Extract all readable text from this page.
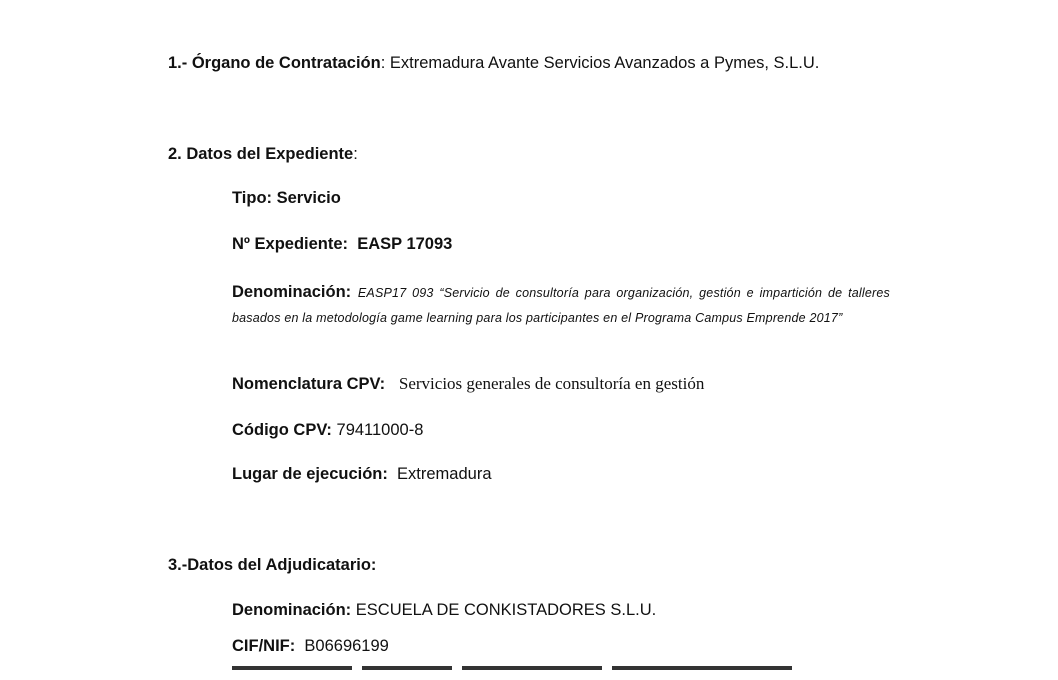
1.- Órgano de Contratación: Extremadura Avante Servicios Avanzados a Pymes, S.L.U.
2. Datos del Expediente:
Tipo: Servicio
Nº Expediente: EASP 17093
Denominación: EASP17 093 “Servicio de consultoría para organización, gestión e impartición de talleres basados en la metodología game learning para los participantes en el Programa Campus Emprende 2017”
Nomenclatura CPV: Servicios generales de consultoría en gestión
Código CPV: 79411000-8
Lugar de ejecución: Extremadura
3.-Datos del Adjudicatario:
Denominación: ESCUELA DE CONKISTADORES S.L.U.
CIF/NIF: B06696199
